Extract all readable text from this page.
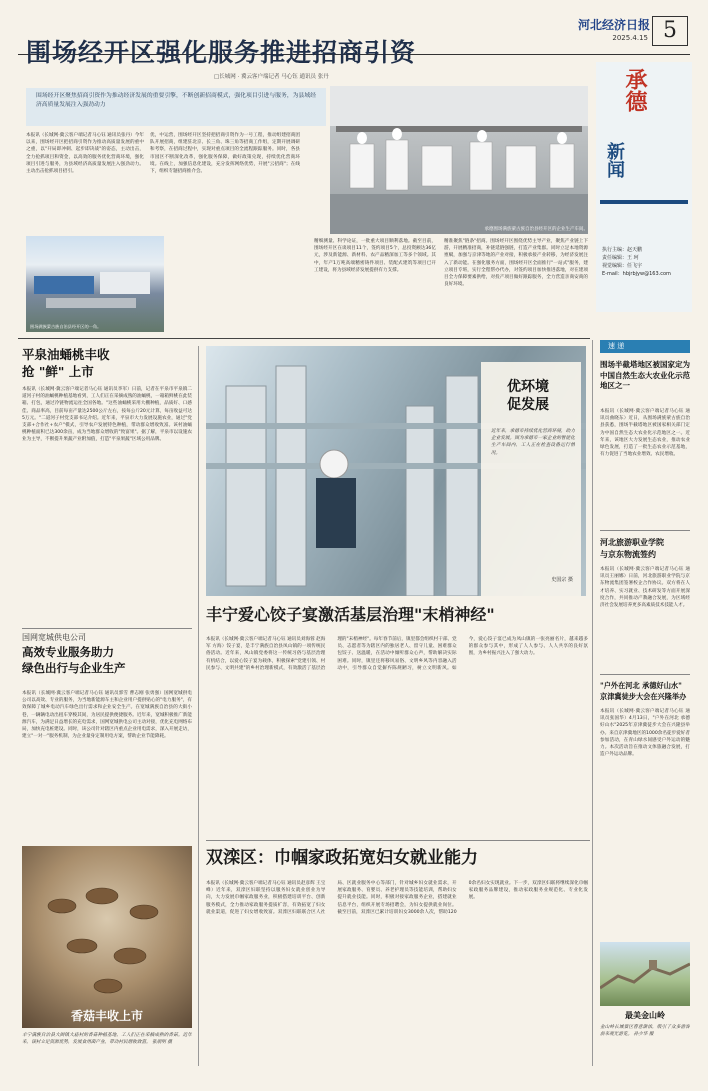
5
河北经济日报
2025.4.15
承德
新闻
执行主编：赵天鹏
责任编辑：王 珂
视觉编辑：任飞宇
E-mail：hbjrbjyw@163.com
速 递
围场经开区强化服务推进招商引资
□长城网 · 冀云客户端记者 马心钰 通讯员 张丹
围场经开区聚焦招商引资作为推动经济发展的重要引擎，不断创新招商模式，强化项目引进与服务，为县域经济高质量发展注入强劲动力
承德围场满族蒙古族自治县经开区的企业生产车间。
本报讯（长城网·冀云客户端记者马心钰 通讯员张丹）今年以来，围场经开区把招商引资作为推动高质量发展的重中之重，以"开局即冲刺、起步即决战"的姿态，主动出击，全力抢抓项目和资金，以高效的服务优化营商环境，强化项目引进与服务，为县域经济高质量发展注入强劲动力。主动出击抢抓项目招引。
围场满族蒙古族自治县经开区的一角。
优，中运营，围场经开区坚持把招商引资作为一号工程，推动组建招商团队开展招商，组建驻北京、长三角、珠三角等招商工作组，定期开展调研和考察，在招商过程中，实现对重点项目的全流程跟踪服务。同时，各县市园区不断深化改革，强化服务保障，做好政策兑现，持续优化营商环境。在线上，加强信息化建设，充分发挥网络优势，开展"云招商"；在线下，组织专题招商推介会。
精细测量、科学论证，一批重大项目顺利落地。截至目前，围场经开区在谈项目11个，签约项目5个，总投资额达36亿元，涉及新能源、新材料、农产品精深加工等多个领域。其中，年产1万吨高端精密铸件项目、装配式建筑等项目已开工建设，将为县域经济发展提供有力支撑。
精准聚焦"链条"招商。围场经开区围绕优势主导产业，聚焦产业链上下游，开展精准招商，补链延链强链，打造产业集群。同时立足本地资源禀赋，加强与京津等地的产业对接，积极承接产业转移，为经济发展注入了新动能。在强化服务方面，围场经开区全面推行"一站式"服务，建立项目专班，实行全程帮办代办，对签约项目加快推进落地，对在建项目全力保障要素供给，对投产项目做好跟踪服务，全力营造亲商安商的良好环境。
平泉油蛹桃丰收
抢 "鲜" 上市
本报讯（长城网·冀云客户端记者马心钰 通讯员李军）日前，记者在平泉市平泉镇二道河子村的油蛹桃种植基地看到，工人们正在采摘成熟的油蛹桃，一箱箱鲜桃在此装箱、打包，通过冷链物流运往全国各地。"这些油蛹桃采用大棚种植，品质好、口感佳、商品率高，目前每亩产量达2500公斤左右，按每公斤20元计算，每亩收益可达5万元。"二道河子村党支部书记介绍。近年来，平泉市大力发展设施农业，通过"党支部+合作社+农户"模式，引导农户发展特色种植，带动群众增收致富。该村油蛹桃种植面积已达300余亩，成为当地群众增收的"致富果"。据了解，平泉市以设施农业为主导，不断提升果蔬产业附加值，打造"平泉果蔬"区域公用品牌。
国网宽城供电公司
高效专业服务助力
绿色出行与企业生产
本报讯（长城网·冀云客户端记者马心钰 通讯员郭雪 曹志刚 张勇强）国网宽城供电公司以高效、专业的服务，为当地新能源车主和企业用户提供贴心的"电力服务"，有效保障了城乡电动汽车绿色出行需求和企业安全生产。在宽城满族自治县的大街小巷，一辆辆电动出租车穿梭其间，为居民提供便捷服务。近年来，宽城积极推广新能源汽车，为满足日益增长的充电需求，国网宽城供电公司主动对接，优化充电网络布局，加快充电桩建设。同时，该公司针对辖区内重点企业用电需求，深入开展走访，建立"一对一"服务机制，为企业量身定制用电方案，帮助企业节能降耗。
香菇丰收上市
丰宁满族自治县大阁镇大庙村的香菇种植基地，工人们正在采摘成熟的香菇。近年来，该村立足资源优势，发展食用菌产业，带动村民增收致富。 张朋明 摄
优环境
促发展
近年来，承德市持续优化营商环境，助力企业发展。图为承德市一家企业的智能化生产车间内，工人正在检查设备运行情况。
史国宗 摄
丰宁爱心饺子宴激活基层治理"末梢神经"
本报讯（长城网·冀云客户端记者马心钰 通讯员刘海蓉 赵海军 方海）饺子宴，是丰宁满族自治县凤山镇的一项传统民俗活动。近年来，凤山镇党委将这一传统习俗与基层治理有机结合，以爱心饺子宴为载体，积极探索"党建引领、村民参与、文明共建"的乡村治理新模式，有效激活了基层治理的"末梢神经"。每年春节前后，镇里都会组织村干部、党员、志愿者等为辖区内的独居老人、留守儿童、困难群众包饺子、送温暖，在活动中倾听群众心声，帮助解决实际困难。同时，镇里还将移风易俗、文明乡风等内容融入活动中，引导群众自觉摒弃陈规陋习，树立文明新风。如今，爱心饺子宴已成为凤山镇的一张亮丽名片，越来越多的群众参与其中，形成了人人参与、人人共享的良好氛围，为乡村振兴注入了强大动力。
双滦区：巾帼家政拓宽妇女就业能力
本报讯（长城网·冀云客户端记者马心钰 通讯员赵彦辉 王宝峰）近年来，双滦区妇联坚持以服务妇女就业创业为导向，大力发展巾帼家政服务业，积极搭建培训平台、创新服务模式，全力推动家政服务提质扩容，有效拓宽了妇女就业渠道，促进了妇女增收致富。双滦区妇联联合区人社局、区就业服务中心等部门，针对城乡妇女就业需求，开展家政服务、育婴员、养老护理员等技能培训，帮助妇女提升就业技能。同时，积极对接家政服务企业，搭建就业信息平台，组织开展专场招聘会，为妇女提供就业岗位。截至目前，双滦区已累计培训妇女3000余人次，帮助1200余名妇女实现就业。下一步，双滦区妇联将继续深化巾帼家政服务品牌建设，推动家政服务业规范化、专业化发展。
围场半截塔地区被国家定为中国自然生态大农业化示范地区之一
本报讯（长城网·冀云客户端记者马心钰 通讯员曲晓东）近日，从围场满族蒙古族自治县获悉，围场半截塔地区被国家相关部门定为中国自然生态大农业化示范地区之一。近年来，该地区大力发展生态农业，推动农业绿色发展，打造了一批生态农业示范基地，有力促进了当地农业增效、农民增收。
河北旅游职业学院
与京东物流签约
本报讯（长城网·冀云客户端记者马心钰 通讯员王丽娜）日前，河北旅游职业学院与京东物流集团签署校企合作协议。双方将在人才培养、实习就业、技术研发等方面开展深度合作，共同推动产教融合发展，为区域经济社会发展培养更多高素质技术技能人才。
"户外在河北 承德好山水"
京津冀徒步大会在兴隆举办
本报讯（长城网·冀云客户端记者马心钰 通讯员张国华）4月13日，"户外在河北 承德好山水"2025年京津冀徒步大会在兴隆县举办。来自京津冀地区的1000余名徒步爱好者参加活动，在青山绿水间感受户外运动的魅力。本次活动旨在推动文体旅融合发展，打造户外运动品牌。
最美金山岭
金山岭长城景区春意渐浓，吸引了众多游客前来观光游览。 孙少华 摄
